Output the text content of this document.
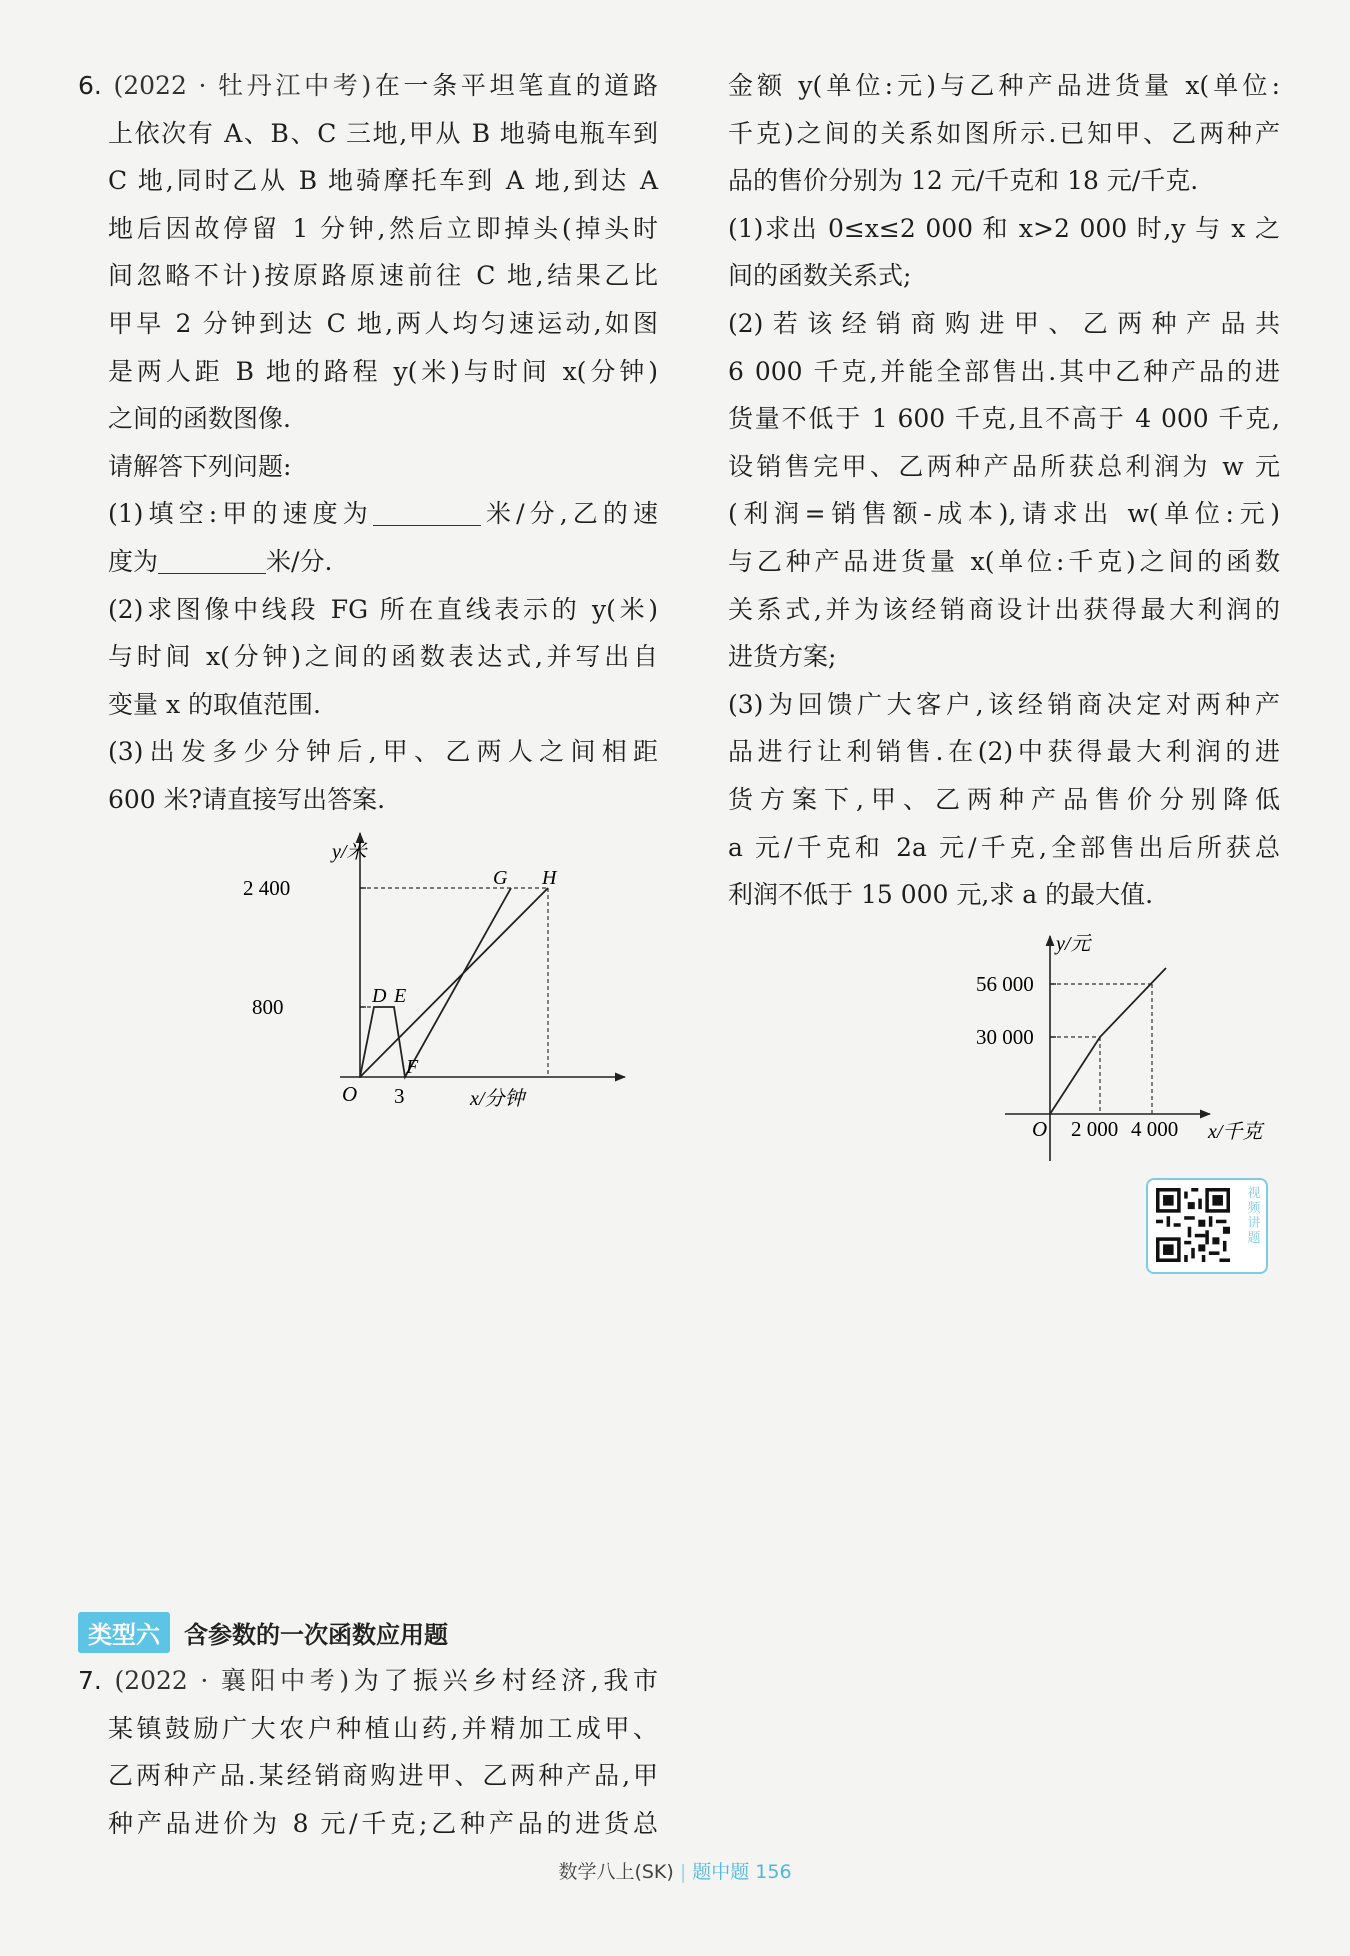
6. (2022 · 牡丹江中考)在一条平坦笔直的道路
上依次有 A、B、C 三地,甲从 B 地骑电瓶车到
C 地,同时乙从 B 地骑摩托车到 A 地,到达 A
地后因故停留 1 分钟,然后立即掉头(掉头时
间忽略不计)按原路原速前往 C 地,结果乙比
甲早 2 分钟到达 C 地,两人均匀速运动,如图
是两人距 B 地的路程 y(米)与时间 x(分钟)
之间的函数图像.
请解答下列问题:
(1)填空:甲的速度为	米/分,乙的速
度为	米/分.
(2)求图像中线段 FG 所在直线表示的 y(米)
与时间 x(分钟)之间的函数表达式,并写出自
变量 x 的取值范围.
(3)出发多少分钟后,甲、乙两人之间相距
600 米?请直接写出答案.
y/米
2 400
800
O 3	x/分钟
D E
F
G H
金额 y(单位:元)与乙种产品进货量 x(单位:
千克)之间的关系如图所示.已知甲、乙两种产
品的售价分别为 12 元/千克和 18 元/千克.
(1)求出 0≤x≤2 000 和 x>2 000 时,y 与 x 之
间的函数关系式;
(2)若该经销商购进甲、乙两种产品共
6 000 千克,并能全部售出.其中乙种产品的进
货量不低于 1 600 千克,且不高于 4 000 千克,
设销售完甲、乙两种产品所获总利润为 w 元
(利润=销售额-成本),请求出 w(单位:元)
与乙种产品进货量 x(单位:千克)之间的函数
关系式,并为该经销商设计出获得最大利润的
进货方案;
(3)为回馈广大客户,该经销商决定对两种产
品进行让利销售.在(2)中获得最大利润的进
货方案下,甲、乙两种产品售价分别降低
a 元/千克和 2a 元/千克,全部售出后所获总
利润不低于 15 000 元,求 a 的最大值.
y/元
56 000
30 000
O 2 000 4 000 x/千克
视频讲题
类型六	含参数的一次函数应用题
7. (2022 · 襄阳中考)为了振兴乡村经济,我市
某镇鼓励广大农户种植山药,并精加工成甲、
乙两种产品.某经销商购进甲、乙两种产品,甲
种产品进价为 8 元/千克;乙种产品的进货总
数学八上(SK) | 题中题 156
